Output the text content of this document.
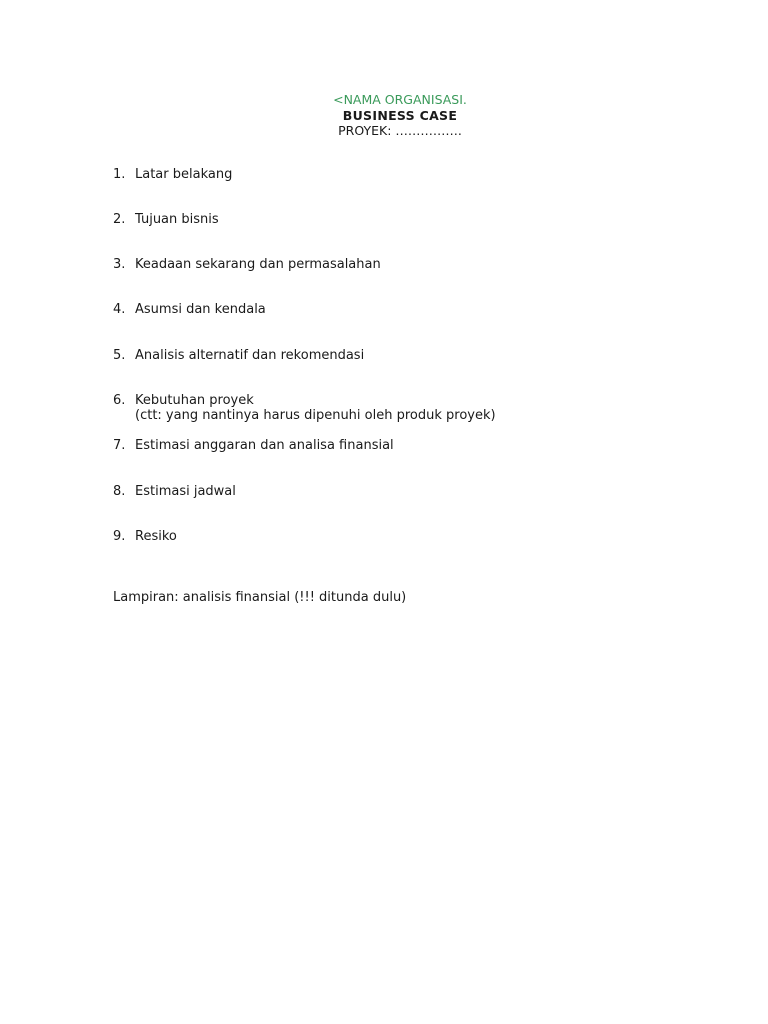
<NAMA ORGANISASI.
BUSINESS CASE
PROYEK: …………….
1. Latar belakang
2. Tujuan bisnis
3. Keadaan sekarang dan permasalahan
4. Asumsi dan kendala
5. Analisis alternatif dan rekomendasi
6. Kebutuhan proyek
(ctt: yang nantinya harus dipenuhi oleh produk proyek)
7. Estimasi anggaran dan analisa finansial
8. Estimasi jadwal
9. Resiko
Lampiran: analisis finansial (!!! ditunda dulu)
